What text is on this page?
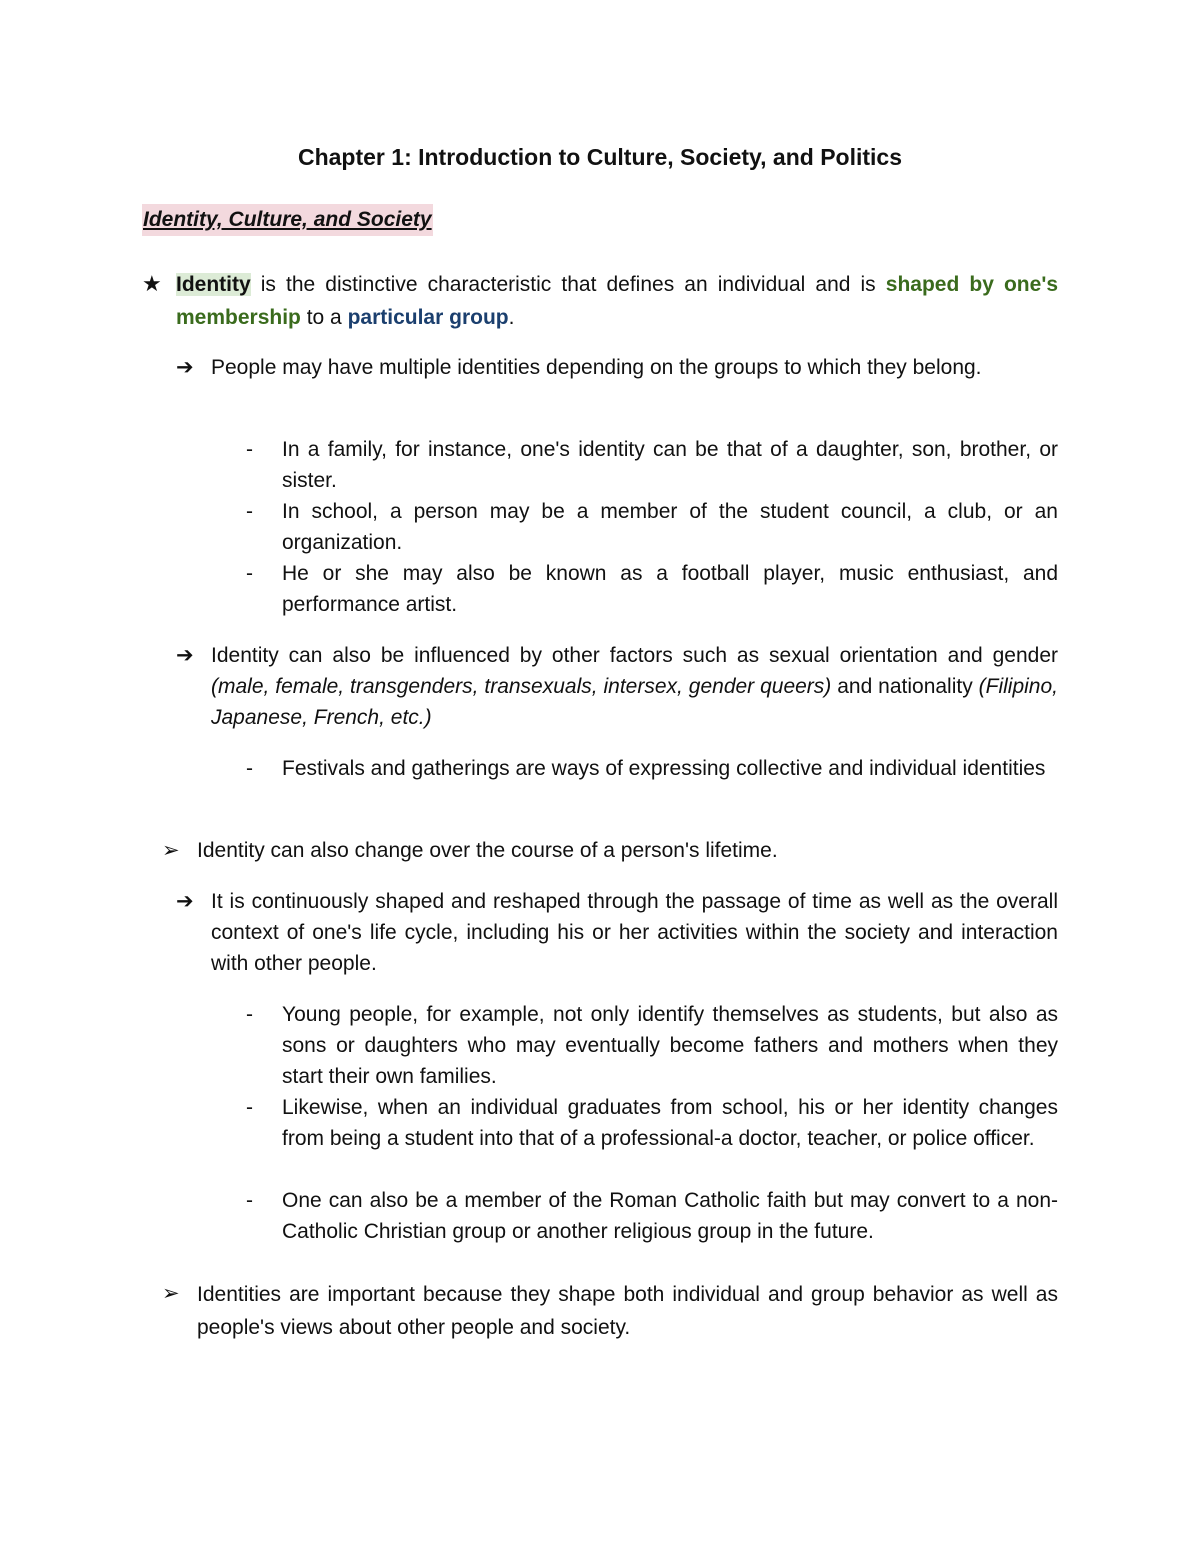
Chapter 1: Introduction to Culture, Society, and Politics
Identity, Culture, and Society
★ Identity is the distinctive characteristic that defines an individual and is shaped by one's membership to a particular group.

➔ People may have multiple identities depending on the groups to which they belong.

- In a family, for instance, one's identity can be that of a daughter, son, brother, or sister.

- In school, a person may be a member of the student council, a club, or an organization.

- He or she may also be known as a football player, music enthusiast, and performance artist.

➔ Identity can also be influenced by other factors such as sexual orientation and gender (male, female, transgenders, transexuals, intersex, gender queers) and nationality (Filipino, Japanese, French, etc.)

- Festivals and gatherings are ways of expressing collective and individual identities

➢ Identity can also change over the course of a person's lifetime.

➔ It is continuously shaped and reshaped through the passage of time as well as the overall context of one's life cycle, including his or her activities within the society and interaction with other people.

- Young people, for example, not only identify themselves as students, but also as sons or daughters who may eventually become fathers and mothers when they start their own families.

- Likewise, when an individual graduates from school, his or her identity changes from being a student into that of a professional-a doctor, teacher, or police officer.

- One can also be a member of the Roman Catholic faith but may convert to a non-Catholic Christian group or another religious group in the future.

➢ Identities are important because they shape both individual and group behavior as well as people's views about other people and society.
